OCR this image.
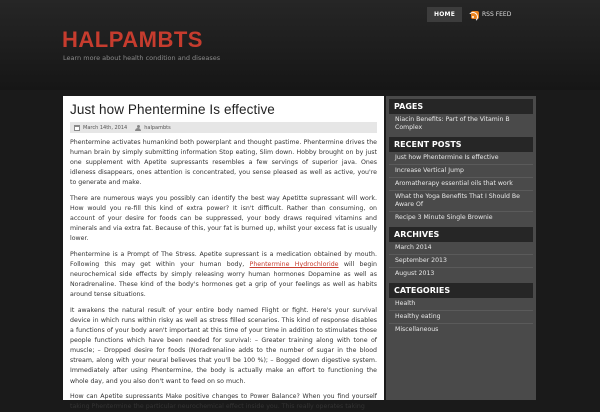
HOME	RSS FEED
HALPAMBTS
Learn more about health condition and diseases
Just how Phentermine Is effective
March 14th, 2014	halpambts

Phentermine activates humankind both powerplant and thought pastime. Phentermine drives the human brain by simply submitting information Stop eating, Slim down. Hobby brought on by just one supplement with Apetite supressants resembles a few servings of superior java. Ones idleness disappears, ones attention is concentrated, you sense pleased as well as active, you're to generate and make.

There are numerous ways you possibly can identify the best way Apetitte supressant will work. How would you re-fill this kind of extra power? It isn't difficult. Rather than consuming, on account of your desire for foods can be suppressed, your body draws required vitamins and minerals and via extra fat. Because of this, your fat is burned up, whilst your excess fat is usually lower.

Phentermine is a Prompt of The Stress. Apetite supressant is a medication obtained by mouth. Following this may get within your human body, Phentermine Hydrochloride will begin neurochemical side effects by simply releasing worry human hormones Dopamine as well as Noradrenaline. These kind of the body's hormones get a grip of your feelings as well as habits around tense situations.

It awakens the natural result of your entire body named Flight or fight. Here's your survival device in which runs within risky as well as stress filled scenarios. This kind of response disables a functions of your body aren't important at this time of your time in addition to stimulates those people functions which have been needed for survival: – Greater training along with tone of muscle; – Dropped desire for foods (Noradrenaline adds to the number of sugar in the blood stream, along with your neural believes that you'll be 100 %); – Bogged down digestive system. Immediately after using Phentermine, the body is actually make an effort to functioning the whole day, and you also don't want to feed on so much.

How can Apetite supressants Make positive changes to Power Balance? When you find yourself taking Phentermine the particular neurochemical effect inside you. This really operates taking

PAGES
Niacin Benefits: Part of the Vitamin B Complex
RECENT POSTS
Just how Phentermine Is effective
Increase Vertical Jump
Aromatherapy essential oils that work
What the Yoga Benefits That I Should Be Aware Of
Recipe 3 Minute Single Brownie
ARCHIVES
March 2014
September 2013
August 2013
CATEGORIES
Health
Healthy eating
Miscellaneous
